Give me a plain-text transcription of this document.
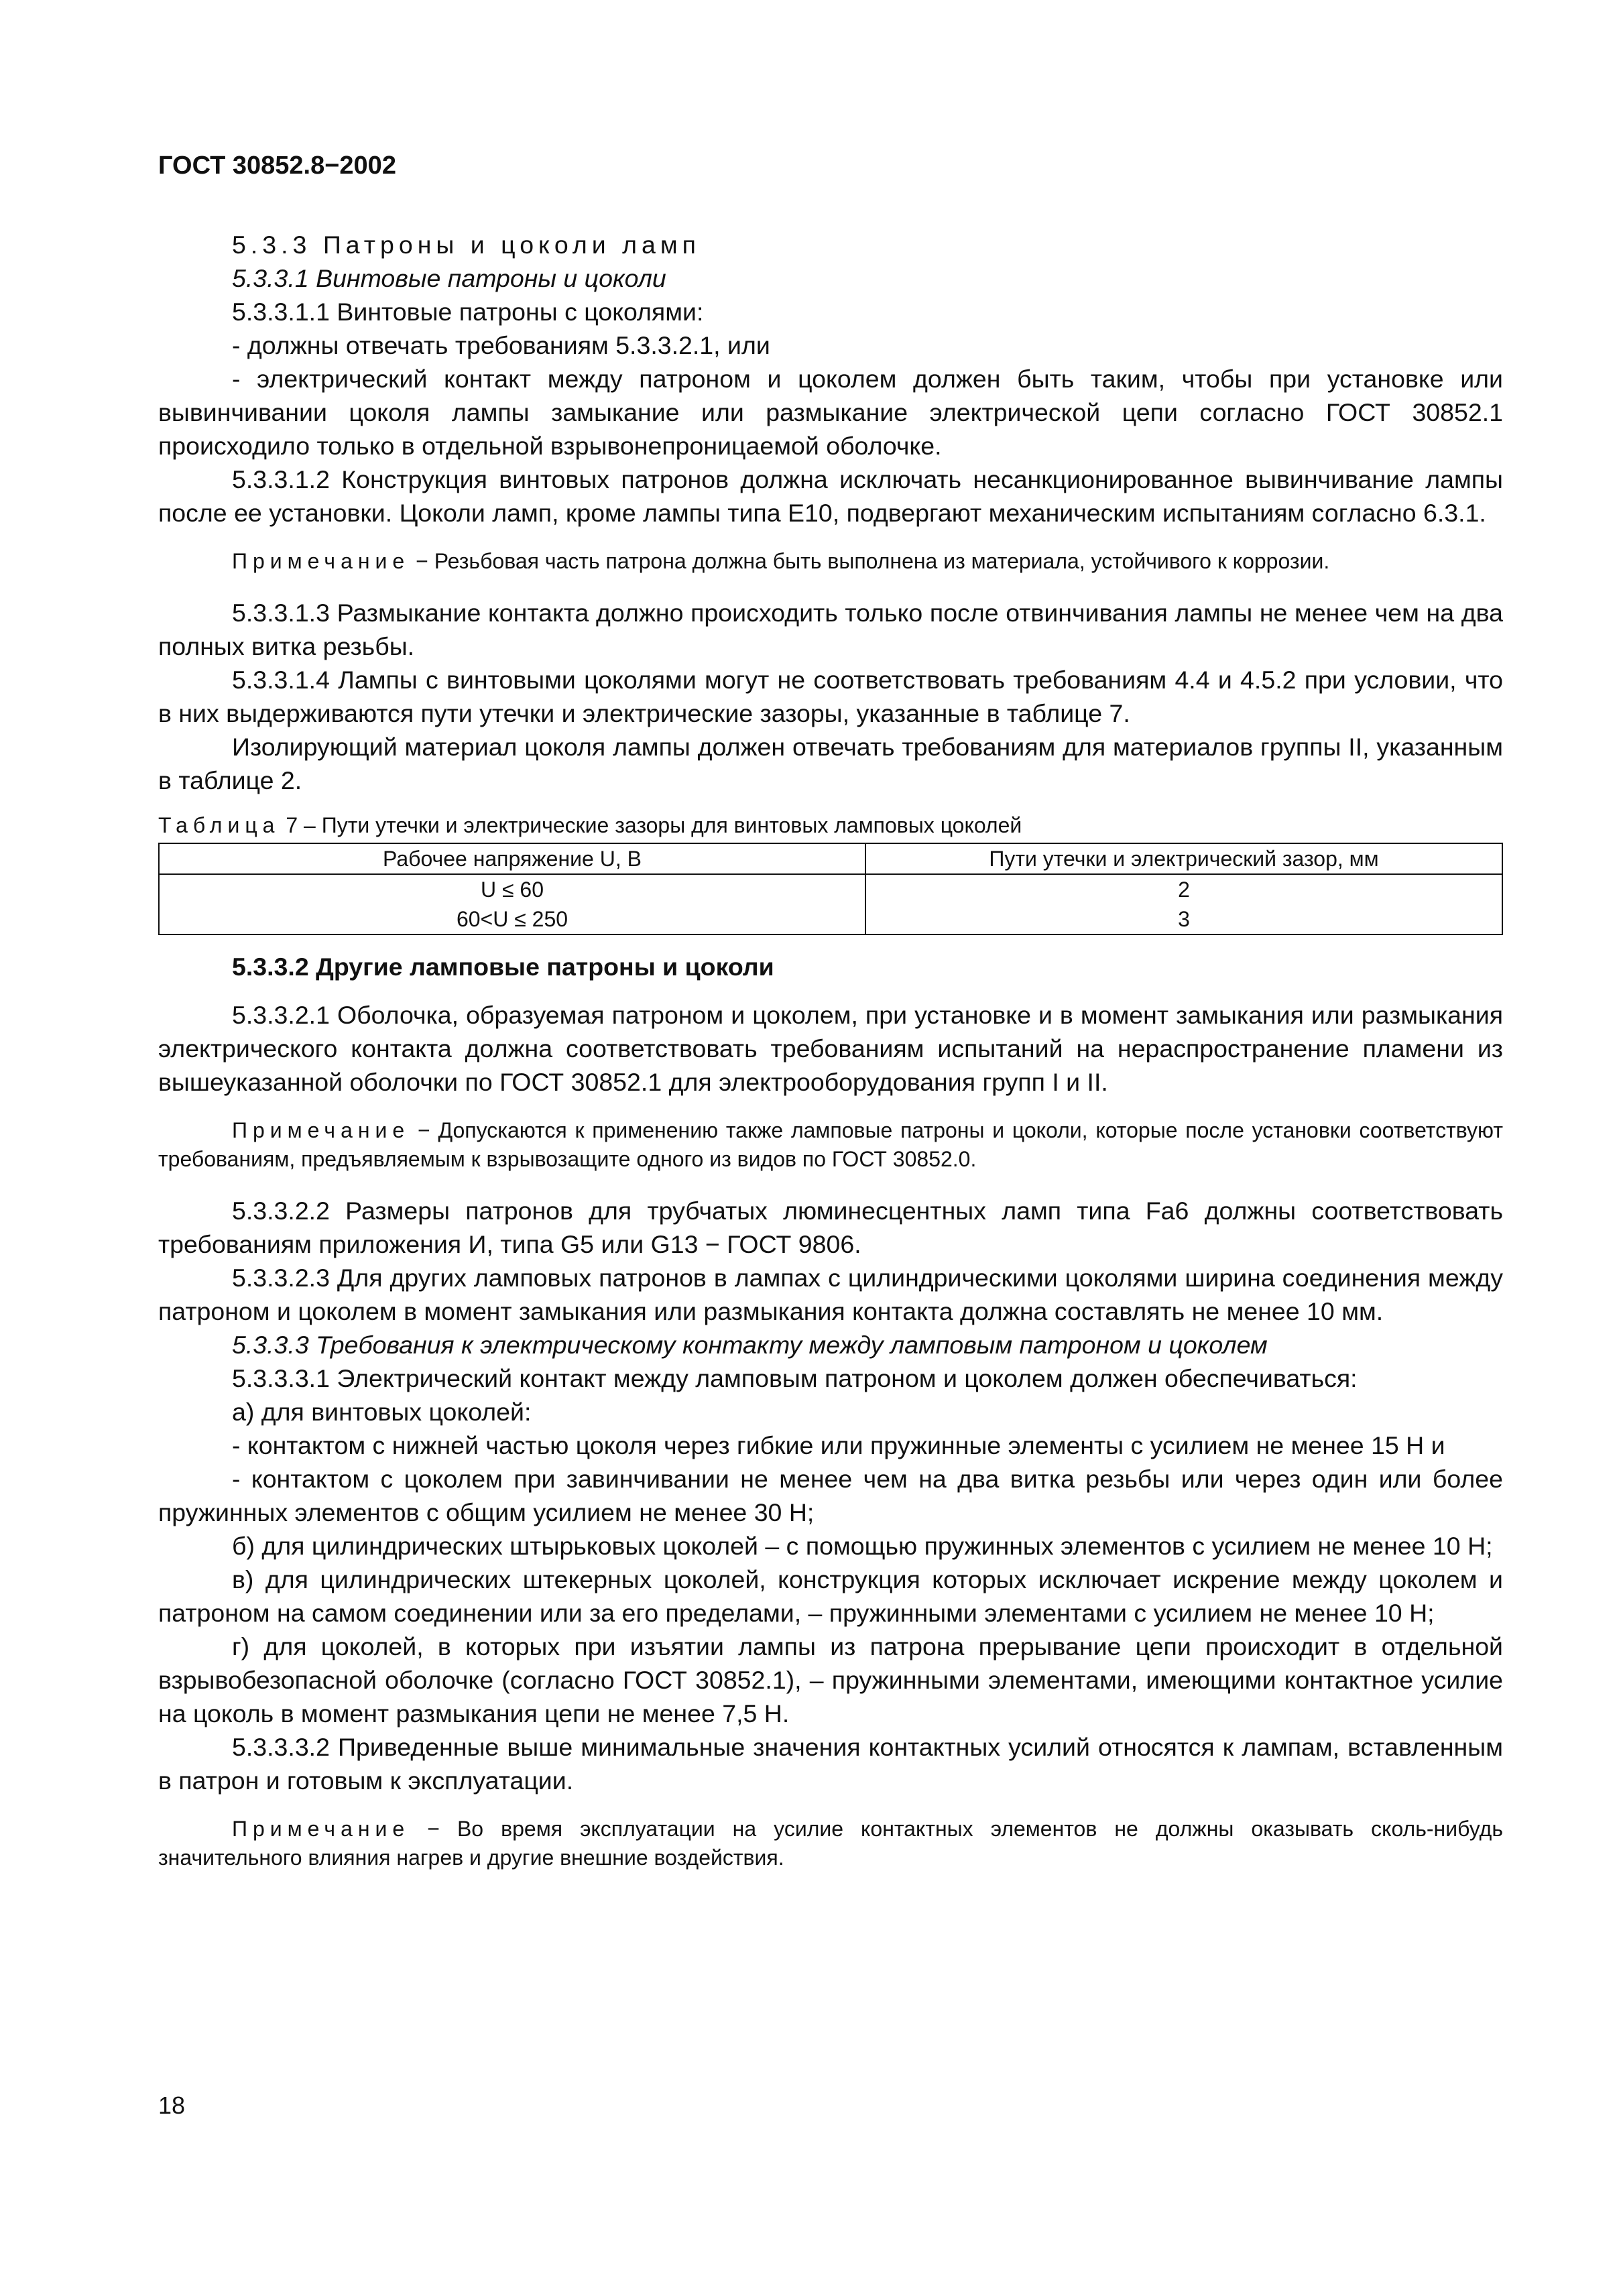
ГОСТ 30852.8−2002

5.3.3 Патроны и цоколи ламп

5.3.3.1 Винтовые патроны и цоколи

5.3.3.1.1 Винтовые патроны с цоколями:

- должны отвечать требованиям 5.3.3.2.1, или

- электрический контакт между патроном и цоколем должен быть таким, чтобы при установке или вывинчивании цоколя лампы замыкание или размыкание электрической цепи согласно ГОСТ 30852.1 происходило только в отдельной взрывонепроницаемой оболочке.

5.3.3.1.2 Конструкция винтовых патронов должна исключать несанкционированное вывинчивание лампы после ее установки. Цоколи ламп, кроме лампы типа Е10, подвергают механическим испытаниям согласно 6.3.1.

Примечание − Резьбовая часть патрона должна быть выполнена из материала, устойчивого к коррозии.

5.3.3.1.3 Размыкание контакта должно происходить только после отвинчивания лампы не менее чем на два полных витка резьбы.

5.3.3.1.4 Лампы с винтовыми цоколями могут не соответствовать требованиям 4.4 и 4.5.2 при условии, что в них выдерживаются пути утечки и электрические зазоры, указанные в таблице 7.

Изолирующий материал цоколя лампы должен отвечать требованиям для материалов группы II, указанным в таблице 2.

Таблица 7 – Пути утечки и электрические зазоры для винтовых ламповых цоколей
Рабочее напряжение U, В	Пути утечки и электрический зазор, мм
U ≤ 60	2
60<U ≤ 250	3

5.3.3.2 Другие ламповые патроны и цоколи

5.3.3.2.1 Оболочка, образуемая патроном и цоколем, при установке и в момент замыкания или размыкания электрического контакта должна соответствовать требованиям испытаний на нераспространение пламени из вышеуказанной оболочки по ГОСТ 30852.1 для электрооборудования групп I и II.

Примечание − Допускаются к применению также ламповые патроны и цоколи, которые после установки соответствуют требованиям, предъявляемым к взрывозащите одного из видов по ГОСТ 30852.0.

5.3.3.2.2 Размеры патронов для трубчатых люминесцентных ламп типа Fa6 должны соответствовать требованиям приложения И, типа G5 или G13 − ГОСТ 9806.

5.3.3.2.3 Для других ламповых патронов в лампах с цилиндрическими цоколями ширина соединения между патроном и цоколем в момент замыкания или размыкания контакта должна составлять не менее 10 мм.

5.3.3.3 Требования к электрическому контакту между ламповым патроном и цоколем

5.3.3.3.1 Электрический контакт между ламповым патроном и цоколем должен обеспечиваться:

а) для винтовых цоколей:

- контактом с нижней частью цоколя через гибкие или пружинные элементы с усилием не менее 15 Н и

- контактом с цоколем при завинчивании не менее чем на два витка резьбы или через один или более пружинных элементов с общим усилием не менее 30 Н;

б) для цилиндрических штырьковых цоколей – с помощью пружинных элементов с усилием не менее 10 Н;

в) для цилиндрических штекерных цоколей, конструкция которых исключает искрение между цоколем и патроном на самом соединении или за его пределами, – пружинными элементами с усилием не менее 10 Н;

г) для цоколей, в которых при изъятии лампы из патрона прерывание цепи происходит в отдельной взрывобезопасной оболочке (согласно ГОСТ 30852.1), – пружинными элементами, имеющими контактное усилие на цоколь в момент размыкания цепи не менее 7,5 Н.

5.3.3.3.2 Приведенные выше минимальные значения контактных усилий относятся к лампам, вставленным в патрон и готовым к эксплуатации.

Примечание − Во время эксплуатации на усилие контактных элементов не должны оказывать сколь-нибудь значительного влияния нагрев и другие внешние воздействия.
18
